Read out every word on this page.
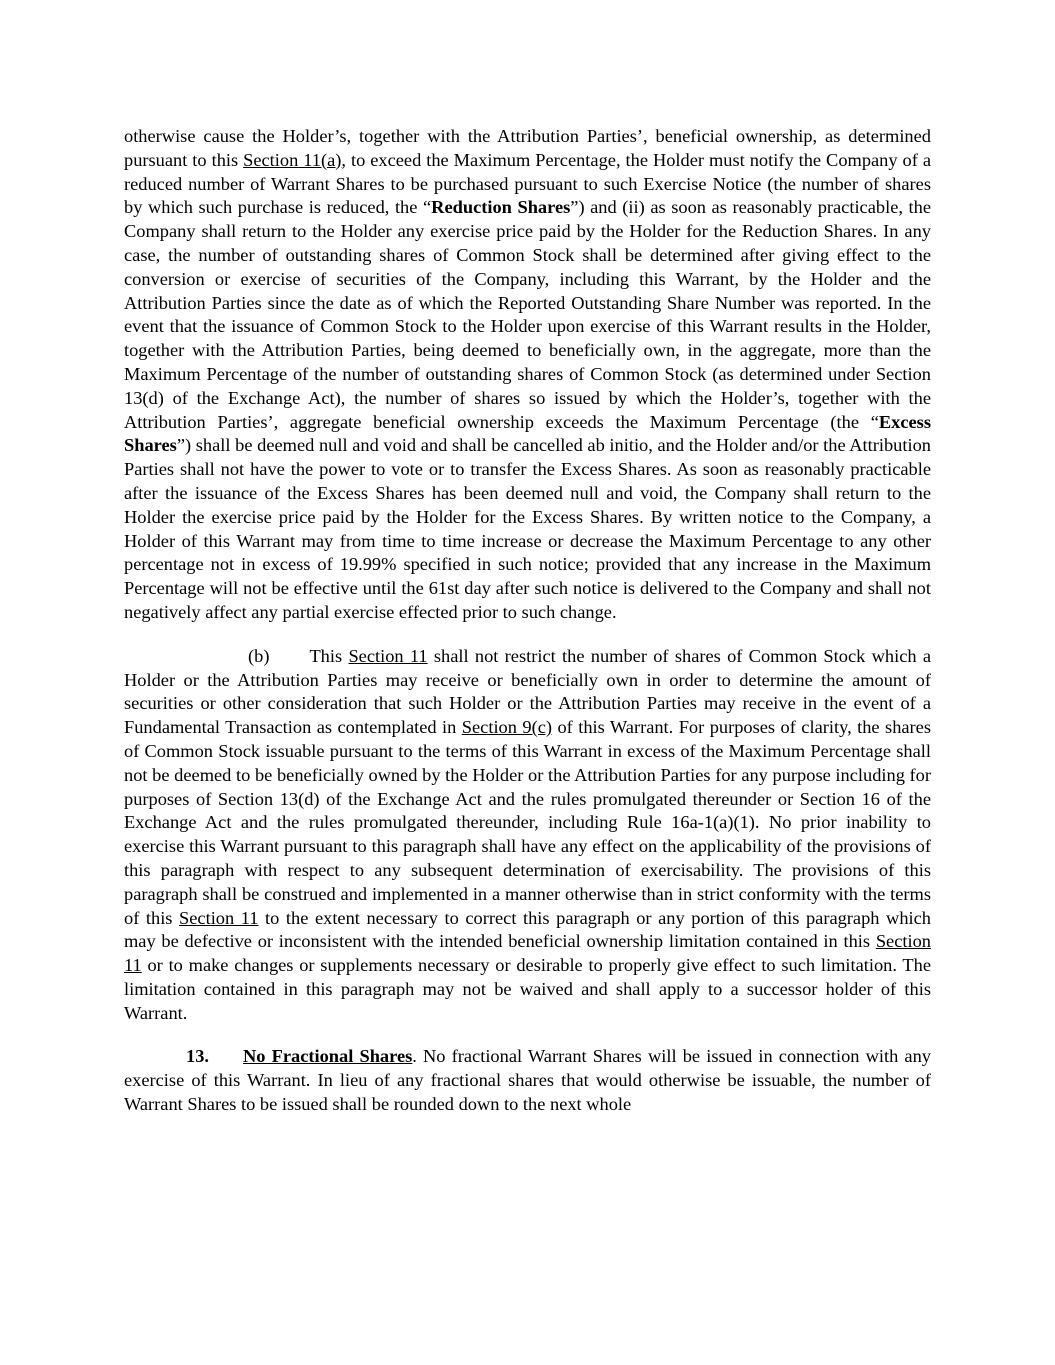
otherwise cause the Holder’s, together with the Attribution Parties’, beneficial ownership, as determined pursuant to this Section 11(a), to exceed the Maximum Percentage, the Holder must notify the Company of a reduced number of Warrant Shares to be purchased pursuant to such Exercise Notice (the number of shares by which such purchase is reduced, the “Reduction Shares”) and (ii) as soon as reasonably practicable, the Company shall return to the Holder any exercise price paid by the Holder for the Reduction Shares. In any case, the number of outstanding shares of Common Stock shall be determined after giving effect to the conversion or exercise of securities of the Company, including this Warrant, by the Holder and the Attribution Parties since the date as of which the Reported Outstanding Share Number was reported. In the event that the issuance of Common Stock to the Holder upon exercise of this Warrant results in the Holder, together with the Attribution Parties, being deemed to beneficially own, in the aggregate, more than the Maximum Percentage of the number of outstanding shares of Common Stock (as determined under Section 13(d) of the Exchange Act), the number of shares so issued by which the Holder’s, together with the Attribution Parties’, aggregate beneficial ownership exceeds the Maximum Percentage (the “Excess Shares”) shall be deemed null and void and shall be cancelled ab initio, and the Holder and/or the Attribution Parties shall not have the power to vote or to transfer the Excess Shares. As soon as reasonably practicable after the issuance of the Excess Shares has been deemed null and void, the Company shall return to the Holder the exercise price paid by the Holder for the Excess Shares. By written notice to the Company, a Holder of this Warrant may from time to time increase or decrease the Maximum Percentage to any other percentage not in excess of 19.99% specified in such notice; provided that any increase in the Maximum Percentage will not be effective until the 61st day after such notice is delivered to the Company and shall not negatively affect any partial exercise effected prior to such change.

(b) This Section 11 shall not restrict the number of shares of Common Stock which a Holder or the Attribution Parties may receive or beneficially own in order to determine the amount of securities or other consideration that such Holder or the Attribution Parties may receive in the event of a Fundamental Transaction as contemplated in Section 9(c) of this Warrant. For purposes of clarity, the shares of Common Stock issuable pursuant to the terms of this Warrant in excess of the Maximum Percentage shall not be deemed to be beneficially owned by the Holder or the Attribution Parties for any purpose including for purposes of Section 13(d) of the Exchange Act and the rules promulgated thereunder or Section 16 of the Exchange Act and the rules promulgated thereunder, including Rule 16a-1(a)(1). No prior inability to exercise this Warrant pursuant to this paragraph shall have any effect on the applicability of the provisions of this paragraph with respect to any subsequent determination of exercisability. The provisions of this paragraph shall be construed and implemented in a manner otherwise than in strict conformity with the terms of this Section 11 to the extent necessary to correct this paragraph or any portion of this paragraph which may be defective or inconsistent with the intended beneficial ownership limitation contained in this Section 11 or to make changes or supplements necessary or desirable to properly give effect to such limitation. The limitation contained in this paragraph may not be waived and shall apply to a successor holder of this Warrant.

13. No Fractional Shares. No fractional Warrant Shares will be issued in connection with any exercise of this Warrant. In lieu of any fractional shares that would otherwise be issuable, the number of Warrant Shares to be issued shall be rounded down to the next whole
